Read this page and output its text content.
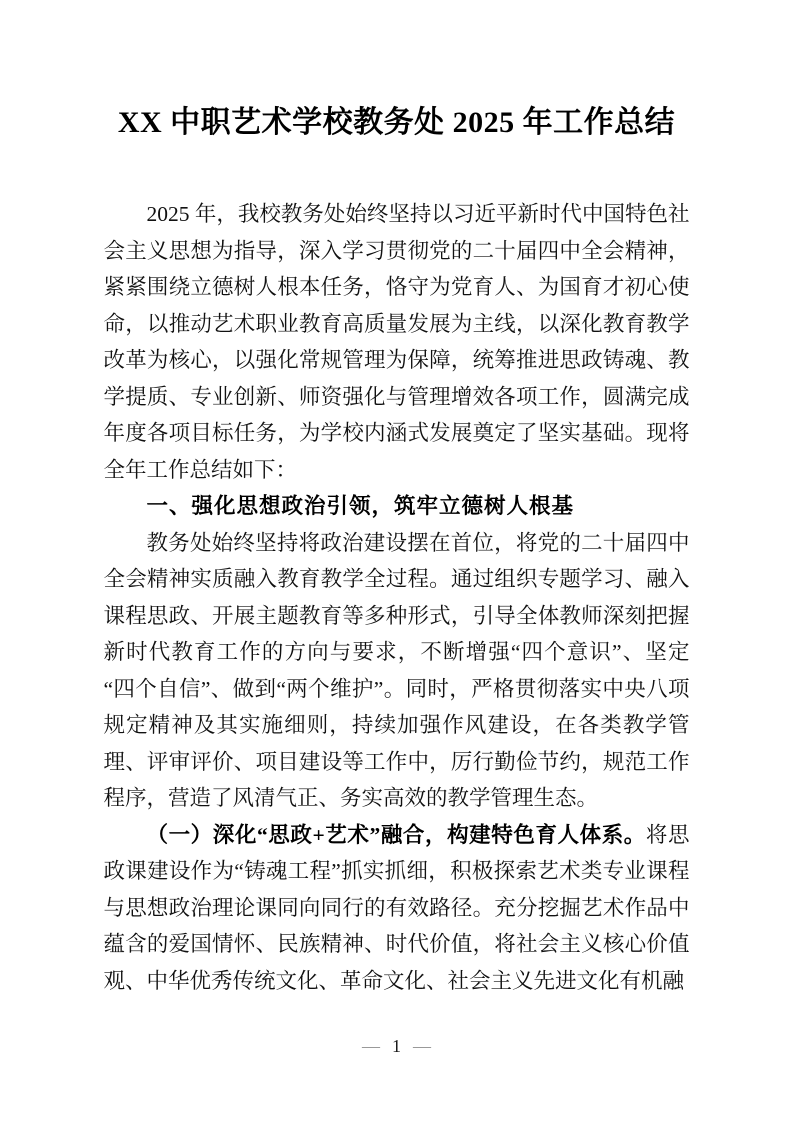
XX 中职艺术学校教务处 2025 年工作总结

2025 年，我校教务处始终坚持以习近平新时代中国特色社会主义思想为指导，深入学习贯彻党的二十届四中全会精神，紧紧围绕立德树人根本任务，恪守为党育人、为国育才初心使命，以推动艺术职业教育高质量发展为主线，以深化教育教学改革为核心，以强化常规管理为保障，统筹推进思政铸魂、教学提质、专业创新、师资强化与管理增效各项工作，圆满完成年度各项目标任务，为学校内涵式发展奠定了坚实基础。现将全年工作总结如下：

一、强化思想政治引领，筑牢立德树人根基

教务处始终坚持将政治建设摆在首位，将党的二十届四中全会精神实质融入教育教学全过程。通过组织专题学习、融入课程思政、开展主题教育等多种形式，引导全体教师深刻把握新时代教育工作的方向与要求，不断增强“四个意识”、坚定“四个自信”、做到“两个维护”。同时，严格贯彻落实中央八项规定精神及其实施细则，持续加强作风建设，在各类教学管理、评审评价、项目建设等工作中，厉行勤俭节约，规范工作程序，营造了风清气正、务实高效的教学管理生态。

（一）深化“思政+艺术”融合，构建特色育人体系。将思政课建设作为“铸魂工程”抓实抓细，积极探索艺术类专业课程与思想政治理论课同向同行的有效路径。充分挖掘艺术作品中蕴含的爱国情怀、民族精神、时代价值，将社会主义核心价值观、中华优秀传统文化、革命文化、社会主义先进文化有机融

— 1 —
